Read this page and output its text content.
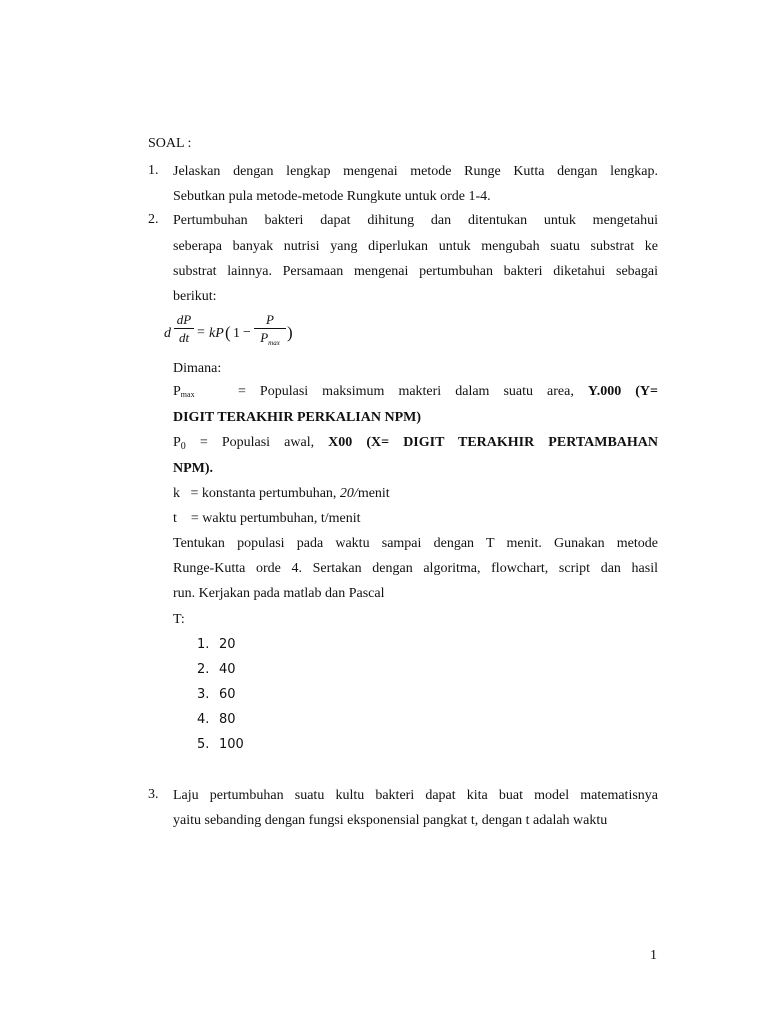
SOAL :
1. Jelaskan dengan lengkap mengenai metode Runge Kutta dengan lengkap.
Sebutkan pula metode-metode Rungkute untuk orde 1-4.
2. Pertumbuhan bakteri dapat dihitung dan ditentukan untuk mengetahui
seberapa banyak nutrisi yang diperlukan untuk mengubah suatu substrat ke
substrat lainnya. Persamaan mengenai pertumbuhan bakteri diketahui sebagai
berikut:
d
dP
dt = kP ( 1 −
P
$P_{max}$
)
Dimana:
Pmax	= Populasi maksimum makteri dalam suatu area, Y.000 (Y=
DIGIT TERAKHIR PERKALIAN NPM)
$P_0$ = Populasi awal, X00 (X= DIGIT TERAKHIR PERTAMBAHAN
NPM).
k = konstanta pertumbuhan, 20/menit
t = waktu pertumbuhan, t/menit
Tentukan populasi pada waktu sampai dengan T menit. Gunakan metode
Runge-Kutta orde 4. Sertakan dengan algoritma, flowchart, script dan hasil
run. Kerjakan pada matlab dan Pascal
T:
1. 20
2. 40
3. 60
4. 80
5. 100
3. Laju pertumbuhan suatu kultu bakteri dapat kita buat model matematisnya
yaitu sebanding dengan fungsi eksponensial pangkat t, dengan t adalah waktu
1
